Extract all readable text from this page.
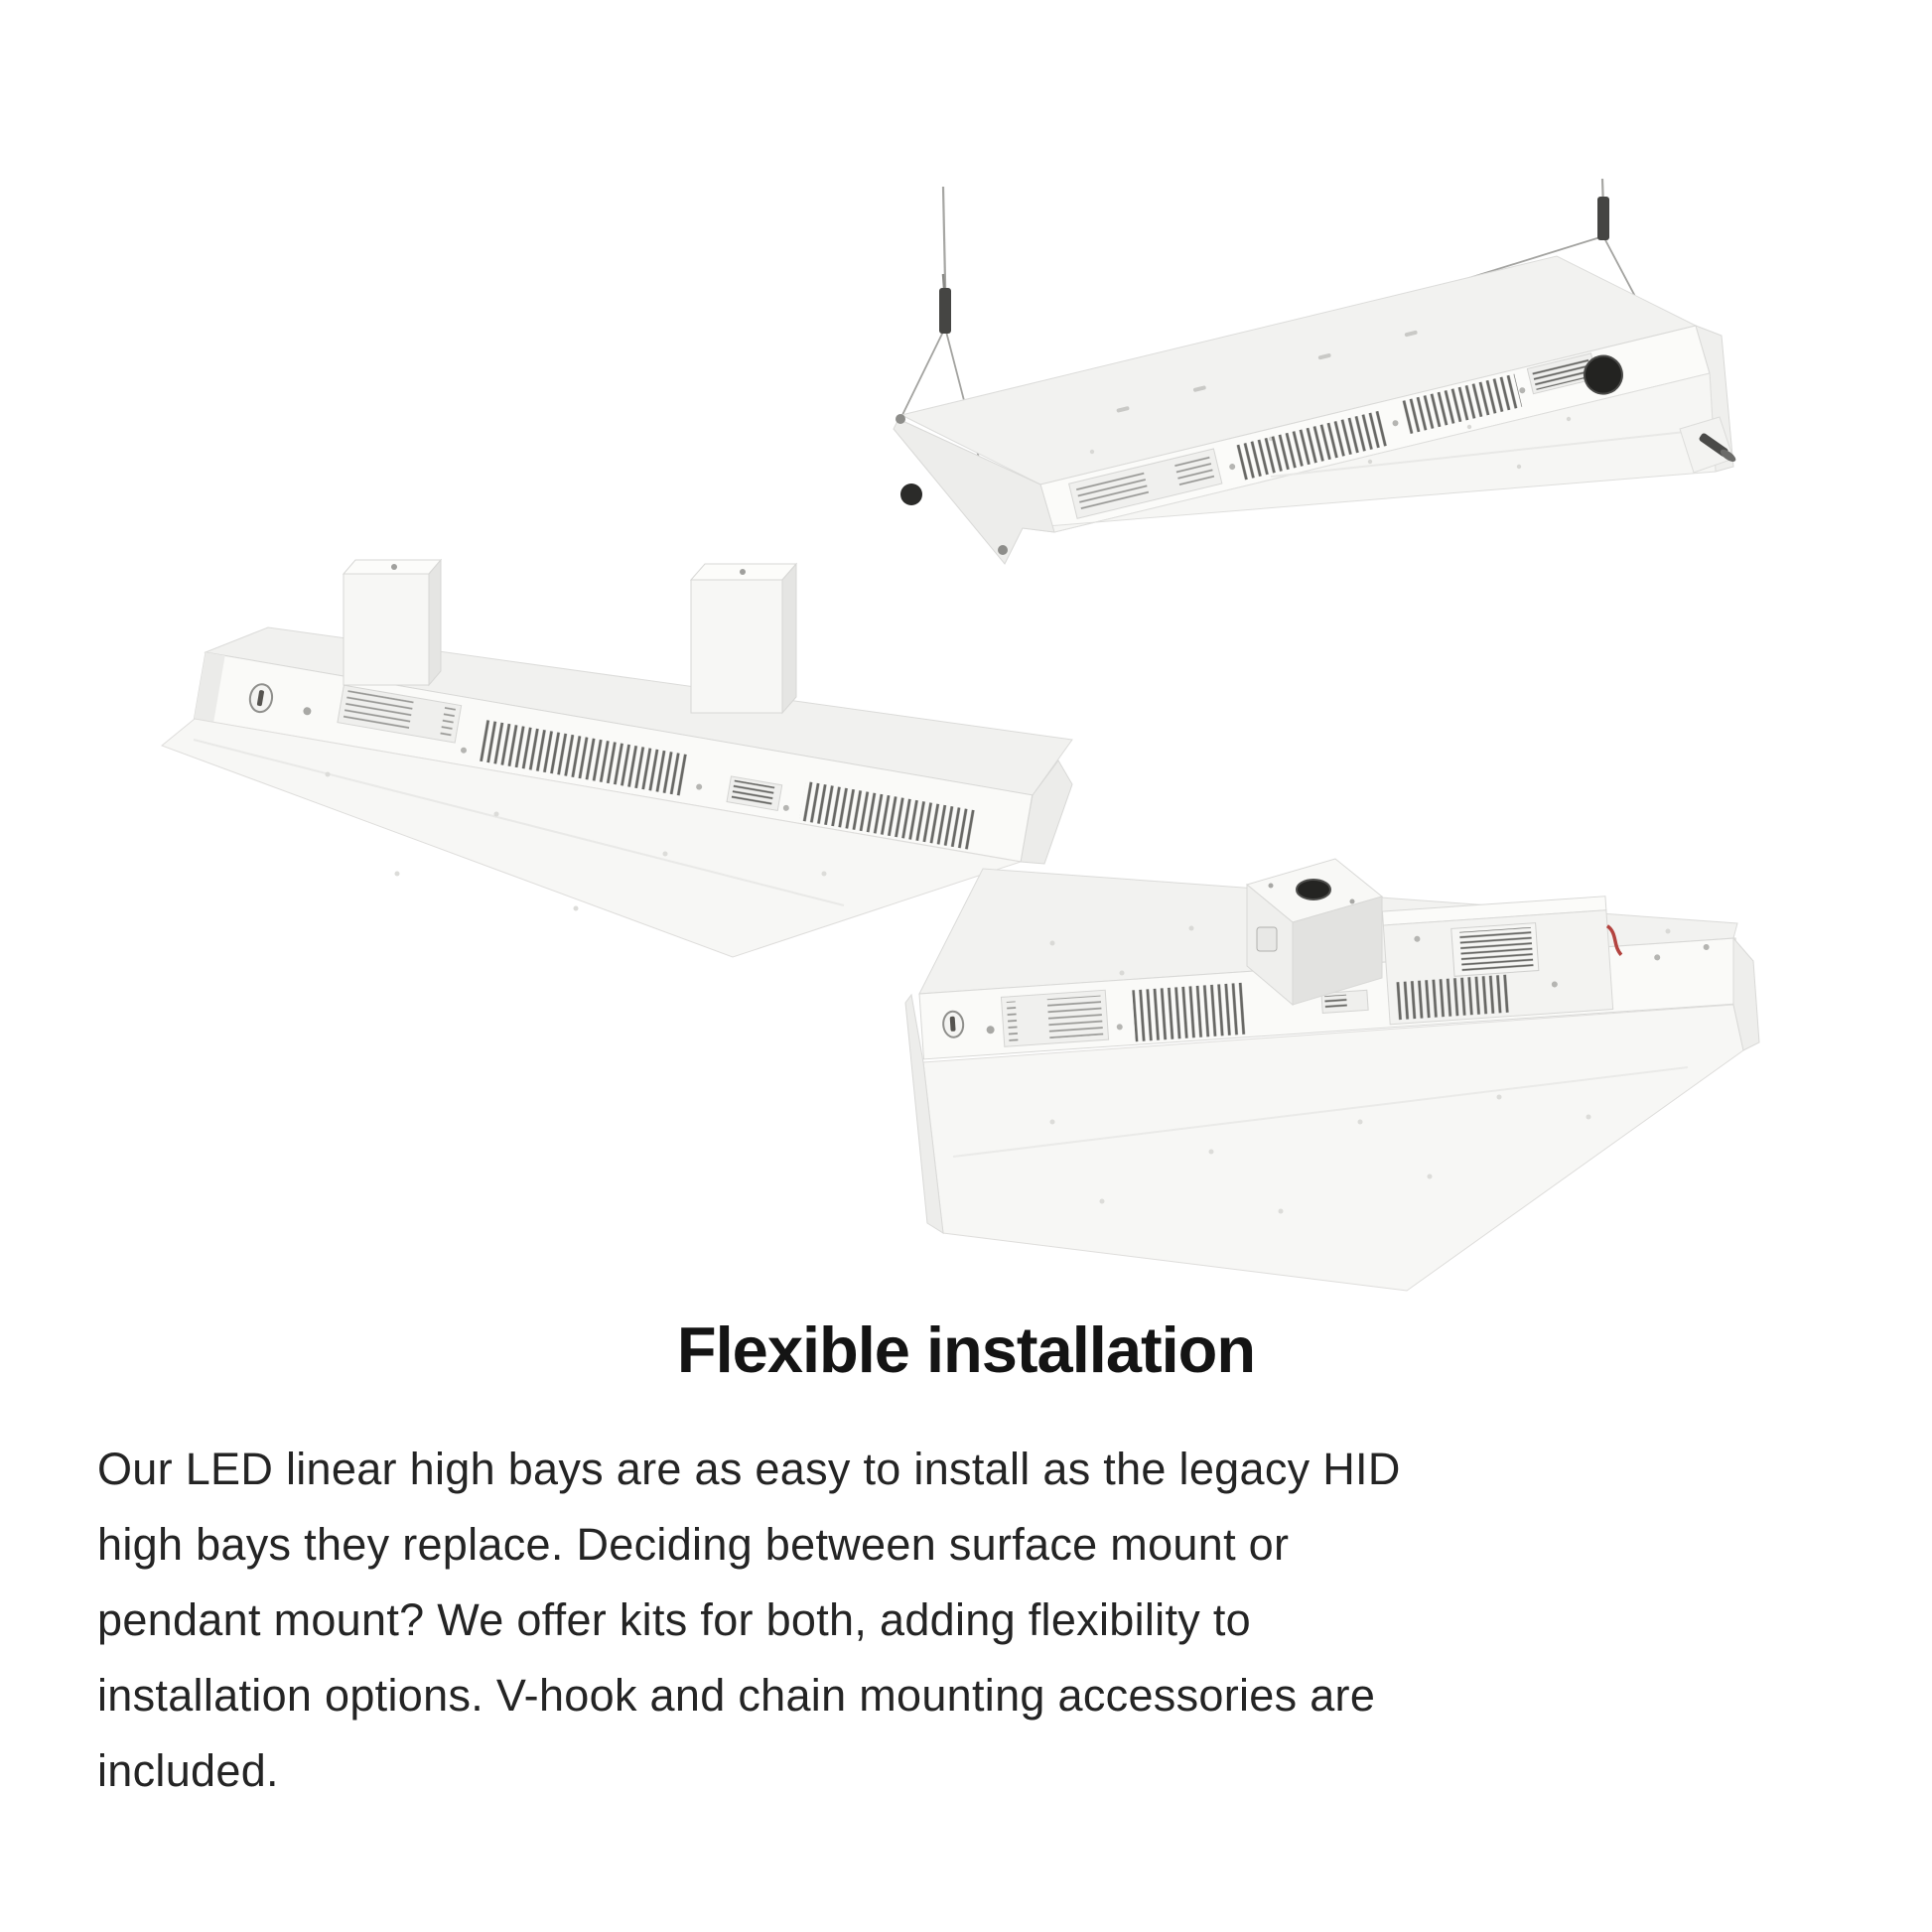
Flexible installation
Our LED linear high bays are as easy to install as the legacy HID
high bays they replace. Deciding between surface mount or
pendant mount? We offer kits for both, adding flexibility to
installation options. V-hook and chain mounting accessories are
included.
